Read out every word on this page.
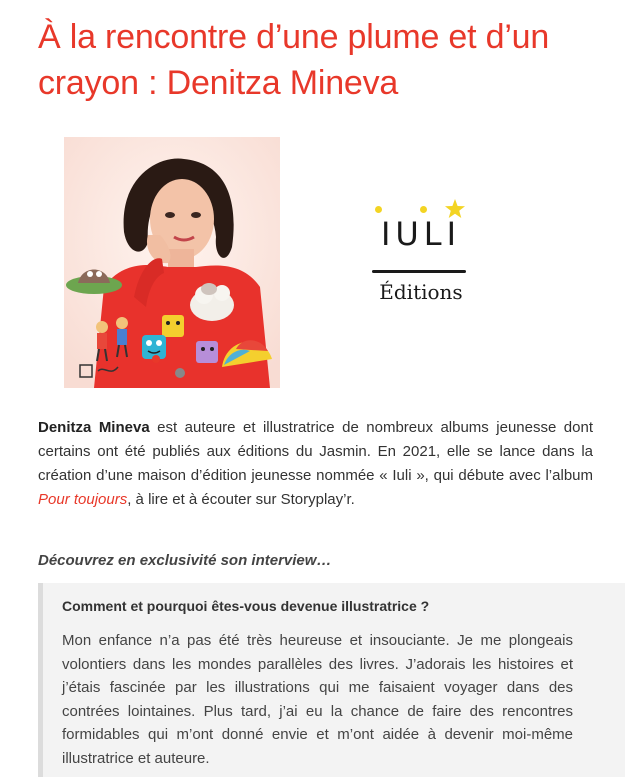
À la rencontre d’une plume et d’un crayon : Denitza Mineva
IULI
Éditions

Denitza Mineva est auteure et illustratrice de nombreux albums jeunesse dont certains ont été publiés aux éditions du Jasmin. En 2021, elle se lance dans la création d’une maison d’édition jeunesse nommée « Iuli », qui débute avec l’album Pour toujours, à lire et à écouter sur Storyplay’r.

Découvrez en exclusivité son interview…

Comment et pourquoi êtes-vous devenue illustratrice ?

Mon enfance n’a pas été très heureuse et insouciante. Je me plongeais volontiers dans les mondes parallèles des livres. J’adorais les histoires et j’étais fascinée par les illustrations qui me faisaient voyager dans des contrées lointaines. Plus tard, j’ai eu la chance de faire des rencontres formidables qui m’ont donné envie et m’ont aidée à devenir moi-même illustratrice et auteure.
